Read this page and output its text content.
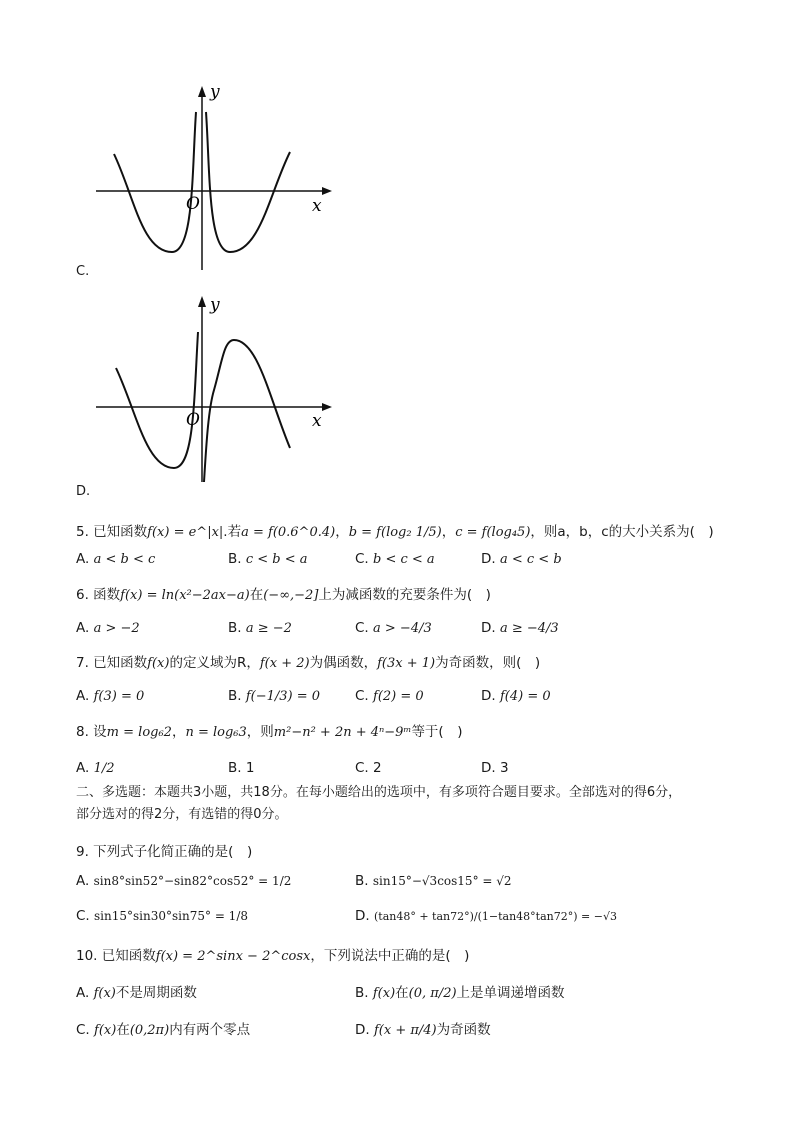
y
x
O
C.
y
x
O
D.
5. 已知函数f(x) = e^|x|.若a = f(0.6^0.4)，b = f(log₂ 1/5)，c = f(log₄5)，则a，b，c的大小关系为(　)
A. a < b < c	B. c < b < a	C. b < c < a	D. a < c < b
6. 函数f(x) = ln(x²−2ax−a)在(−∞,−2]上为减函数的充要条件为(　)
A. a > −2	B. a ≥ −2	C. a > −4/3	D. a ≥ −4/3
7. 已知函数f(x)的定义域为R，f(x + 2)为偶函数，f(3x + 1)为奇函数，则(　)
A. f(3) = 0	B. f(−1/3) = 0	C. f(2) = 0	D. f(4) = 0
8. 设m = log₆2，n = log₆3，则m²−n² + 2n + 4ⁿ−9ᵐ等于(　)
A. 1/2	B. 1	C. 2	D. 3
二、多选题：本题共3小题，共18分。在每小题给出的选项中，有多项符合题目要求。全部选对的得6分，
部分选对的得2分，有选错的得0分。
9. 下列式子化简正确的是(　)
A. sin8°sin52°−sin82°cos52° = 1/2	B. sin15°−√3cos15° = √2
C. sin15°sin30°sin75° = 1/8	D. (tan48° + tan72°)/(1−tan48°tan72°) = −√3
10. 已知函数f(x) = 2^sinx − 2^cosx，下列说法中正确的是(　)
A. f(x)不是周期函数	B. f(x)在(0, π/2)上是单调递增函数
C. f(x)在(0,2π)内有两个零点	D. f(x + π/4)为奇函数
